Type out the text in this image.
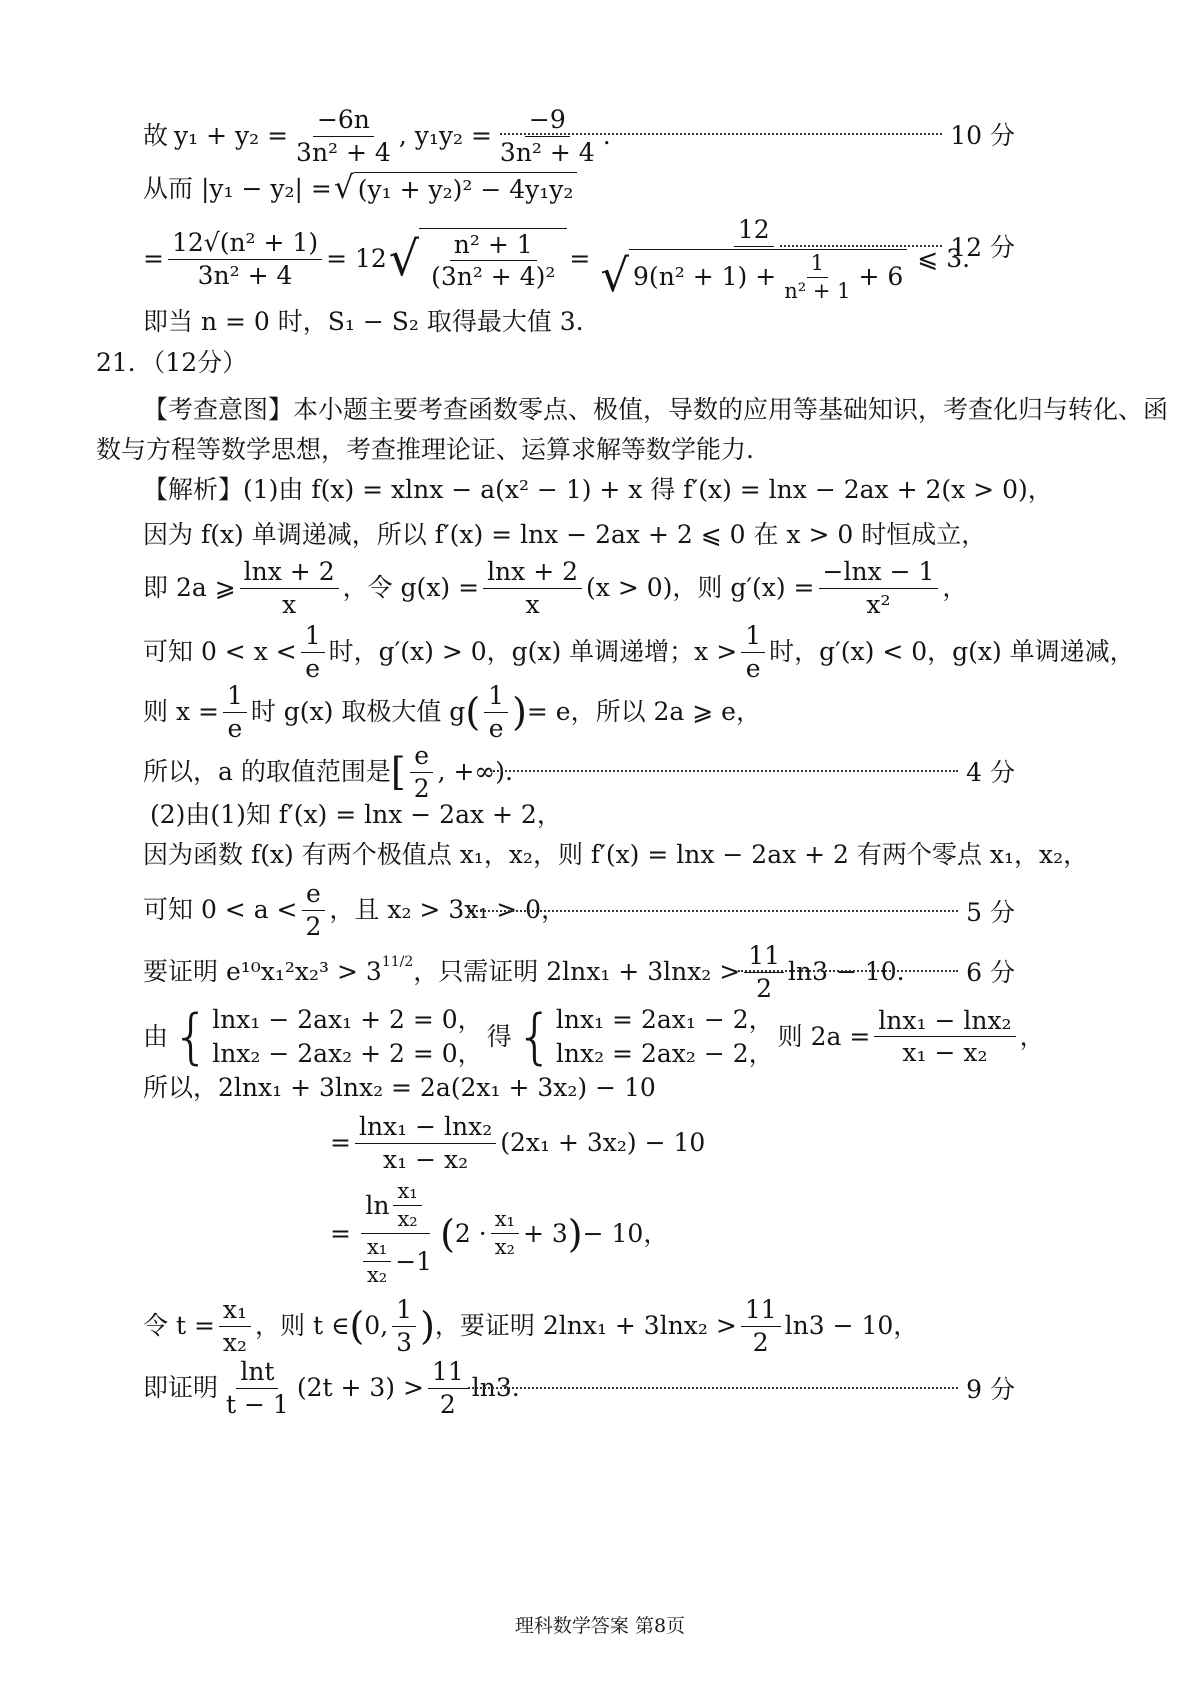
故 $y_1 + y_2 = \frac{-6n}{\text{3n² + 4}}$ , $y_1y_2 = \frac{-9}{\text{3n² + 4}}$ .	10 分
从而 |y₁ − y₂| = √ (y₁ + y₂)² − 4y₁y₂
= $\frac{\text{12√(n² + 1)}}{\text{3n² + 4}} = 12$ √ $\frac{\text{n² + 1}}{\text{(3n² + 4)²}} = \frac{12}{√ 9(n^2 + 1) + \frac{1}{\text{n² + 1}} + 6}$ ⩽ 3.
12 分
即当 n = 0 时，S₁ − S₂ 取得最大值 3.
21．（12分）
【考查意图】本小题主要考查函数零点、极值，导数的应用等基础知识，考查化归与转化、函
数与方程等数学思想，考查推理论证、运算求解等数学能力.
【解析】(1)由 f(x) = xlnx − a(x² − 1) + x 得 f′(x) = lnx − 2ax + 2(x > 0)，
因为 f(x) 单调递减，所以 f′(x) = lnx − 2ax + 2 ⩽ 0 在 x > 0 时恒成立，
即 2a ⩾ $\frac{\ln x + 2}{x}$ ，令 $g(x) = \frac{\ln x + 2}{x} (x > 0)$，则 $g'(x) = \frac{-\ln x - 1}{\text{x²}}$ ，
可知 $0 < x < \frac{1}{e}$ 时，g′(x) > 0，g(x) 单调递增；$x > \frac{1}{e}$ 时，g′(x) < 0，g(x) 单调递减，
则 $x = \frac{1}{e}$ 时 g(x) 取极大值 g ( $\frac{1}{e}$ ) = e，所以 2a ⩾ e，
所以，a 的取值范围是 [ $\frac{e}{2}$ , +∞).	4 分
(2)由(1)知 f′(x) = lnx − 2ax + 2，
因为函数 f(x) 有两个极值点 x₁，x₂，则 f′(x) = lnx − 2ax + 2 有两个零点 x₁，x₂，
可知 $0 < a < \frac{e}{2}$ ，且 x₂ > 3x₁ > 0，	5 分
要证明 $e^{10}x_1^2x_2^3 > 3^{11/2}$ ，只需证明 $2\ln x_1 + 3\ln x_2 > \frac{11}{2} \ln 3 - 10$. 6 分
由 { lnx₁ − 2ax₁ + 2 = 0，
lnx₂ − 2ax₂ + 2 = 0，
得 { lnx₁ = 2ax₁ − 2，
lnx₂ = 2ax₂ − 2，
则 $2a = \frac{\text{lnx₁ − lnx₂}}{\text{x₁ − x₂}}$ ，
所以，2lnx₁ + 3lnx₂ = 2a(2x₁ + 3x₂) − 10
= $\frac{\text{lnx₁ − lnx₂}}{\text{x₁ − x₂}} (2x_1 + 3x_2) - 10$
= $\frac{\ln \frac{\text{x₁}}{\text{x₂}}}{\frac{\text{x₁}}{\text{x₂}} -1}$ ( $2 \cdot \frac{\text{x₁}}{\text{x₂}} + 3$ ) − 10，
令 $t = \frac{\text{x₁}}{\text{x₂}}$ ，则 t ∈ ( 0, $\frac{1}{3}$ ) ，要证明 $2\ln x_1 + 3\ln x_2 > \frac{11}{2} \ln 3 - 10$，
即证明 $\frac{\ln t}{t - 1} (2t + 3) > \frac{11}{2} \ln 3$.	9 分
理科数学答案 第8页
